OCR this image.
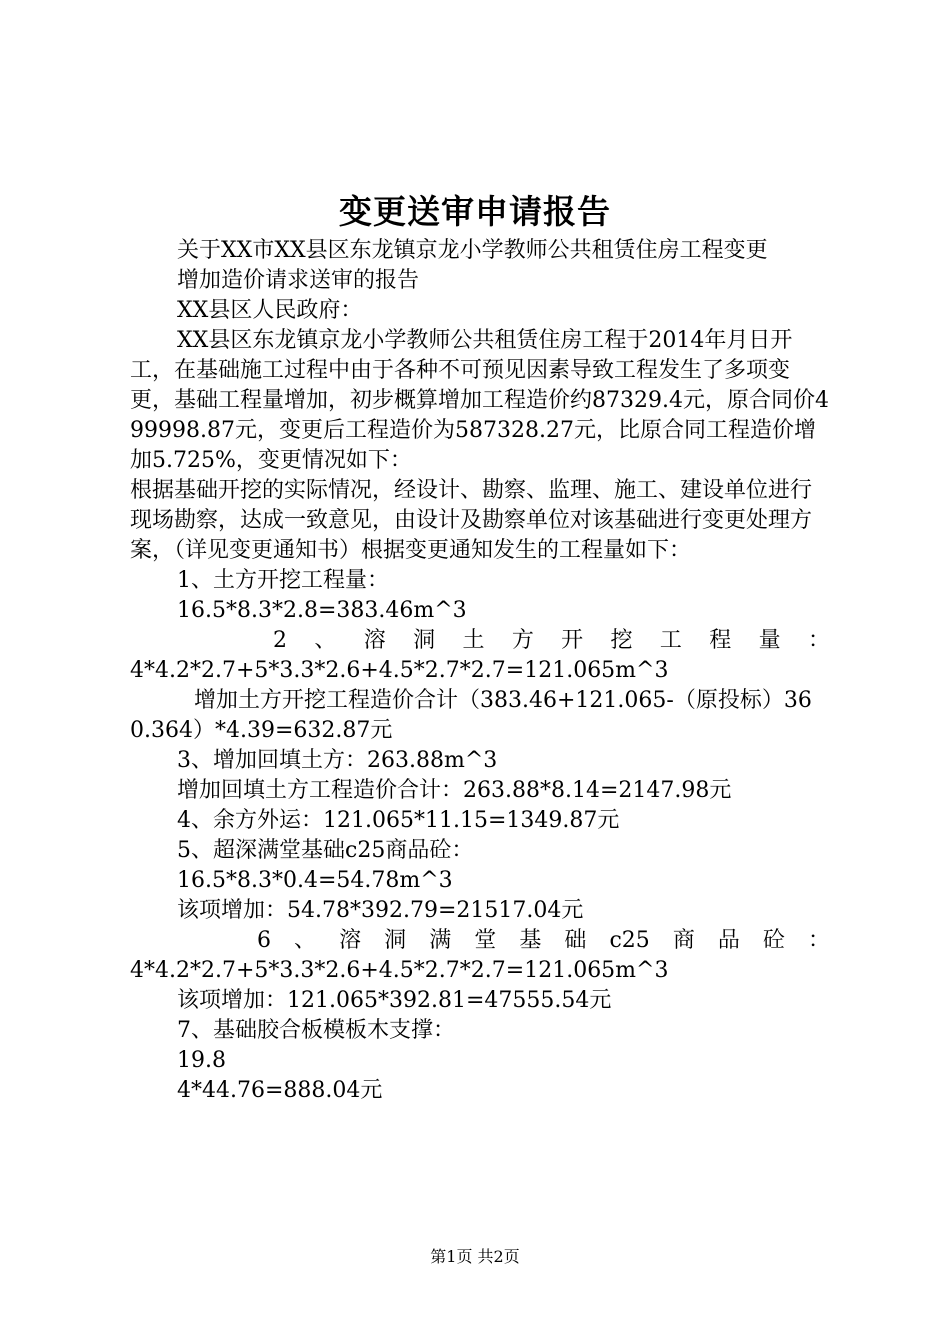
变更送审申请报告

关于XX市XX县区东龙镇京龙小学教师公共租赁住房工程变更

增加造价请求送审的报告

XX县区人民政府：

XX县区东龙镇京龙小学教师公共租赁住房工程于2014年月日开工，在基础施工过程中由于各种不可预见因素导致工程发生了多项变更，基础工程量增加，初步概算增加工程造价约87329.4元，原合同价499998.87元，变更后工程造价为587328.27元，比原合同工程造价增加5.725%，变更情况如下：

根据基础开挖的实际情况，经设计、勘察、监理、施工、建设单位进行现场勘察，达成一致意见，由设计及勘察单位对该基础进行变更处理方案，（详见变更通知书）根据变更通知发生的工程量如下：

1、土方开挖工程量：

16.5*8.3*2.8=383.46m^3

2、溶洞土方开挖工程量：

4*4.2*2.7+5*3.3*2.6+4.5*2.7*2.7=121.065m^3

增加土方开挖工程造价合计（383.46+121.065-（原投标）360.364）*4.39=632.87元

3、增加回填土方：263.88m^3

增加回填土方工程造价合计：263.88*8.14=2147.98元

4、余方外运：121.065*11.15=1349.87元

5、超深满堂基础c25商品砼：

16.5*8.3*0.4=54.78m^3

该项增加：54.78*392.79=21517.04元

6、溶洞满堂基础c25商品砼：

4*4.2*2.7+5*3.3*2.6+4.5*2.7*2.7=121.065m^3

该项增加：121.065*392.81=47555.54元

7、基础胶合板模板木支撑：

19.8

4*44.76=888.04元

第1页 共2页
